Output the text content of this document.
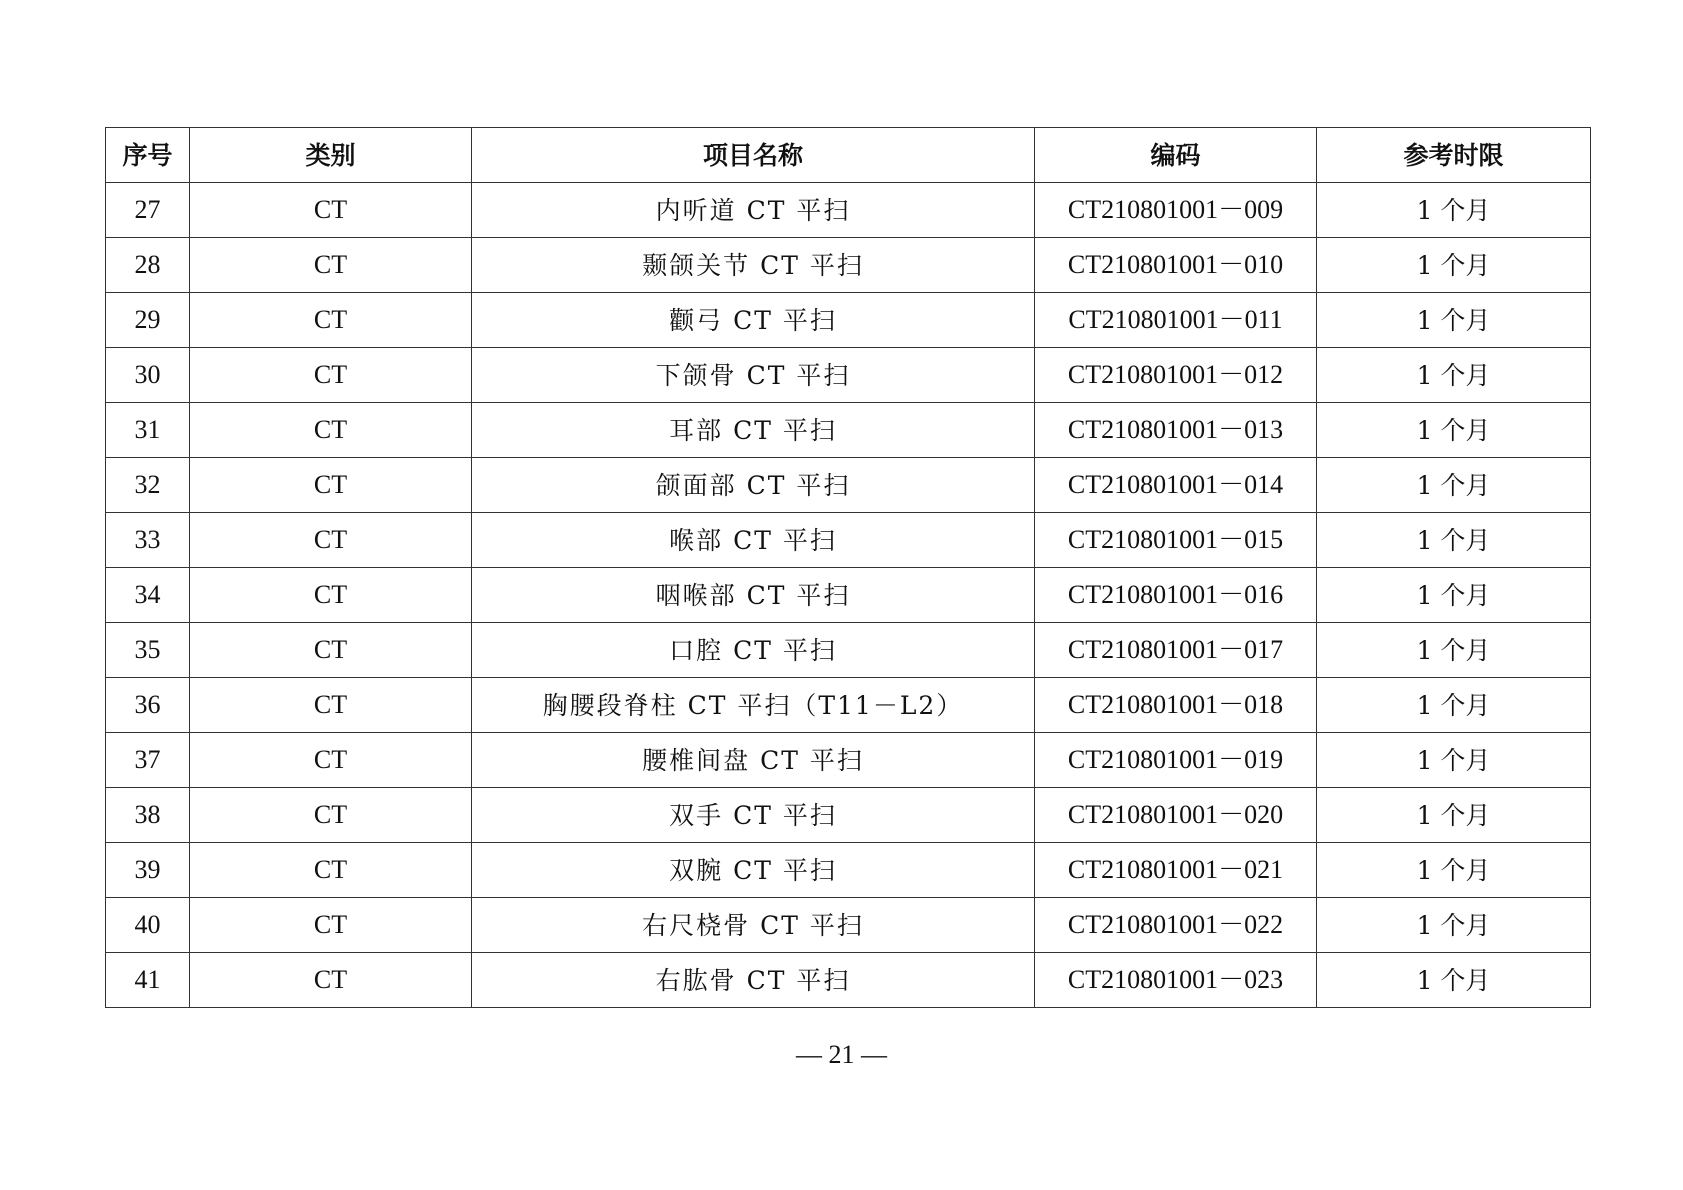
序号	类别	项目名称	编码	参考时限
27	CT	内听道 CT 平扫	CT210801001－009	1 个月
28	CT	颞颌关节 CT 平扫	CT210801001－010	1 个月
29	CT	颧弓 CT 平扫	CT210801001－011	1 个月
30	CT	下颌骨 CT 平扫	CT210801001－012	1 个月
31	CT	耳部 CT 平扫	CT210801001－013	1 个月
32	CT	颌面部 CT 平扫	CT210801001－014	1 个月
33	CT	喉部 CT 平扫	CT210801001－015	1 个月
34	CT	咽喉部 CT 平扫	CT210801001－016	1 个月
35	CT	口腔 CT 平扫	CT210801001－017	1 个月
36	CT	胸腰段脊柱 CT 平扫（T11－L2）	CT210801001－018	1 个月
37	CT	腰椎间盘 CT 平扫	CT210801001－019	1 个月
38	CT	双手 CT 平扫	CT210801001－020	1 个月
39	CT	双腕 CT 平扫	CT210801001－021	1 个月
40	CT	右尺桡骨 CT 平扫	CT210801001－022	1 个月
41	CT	右肱骨 CT 平扫	CT210801001－023	1 个月
— 21 —
